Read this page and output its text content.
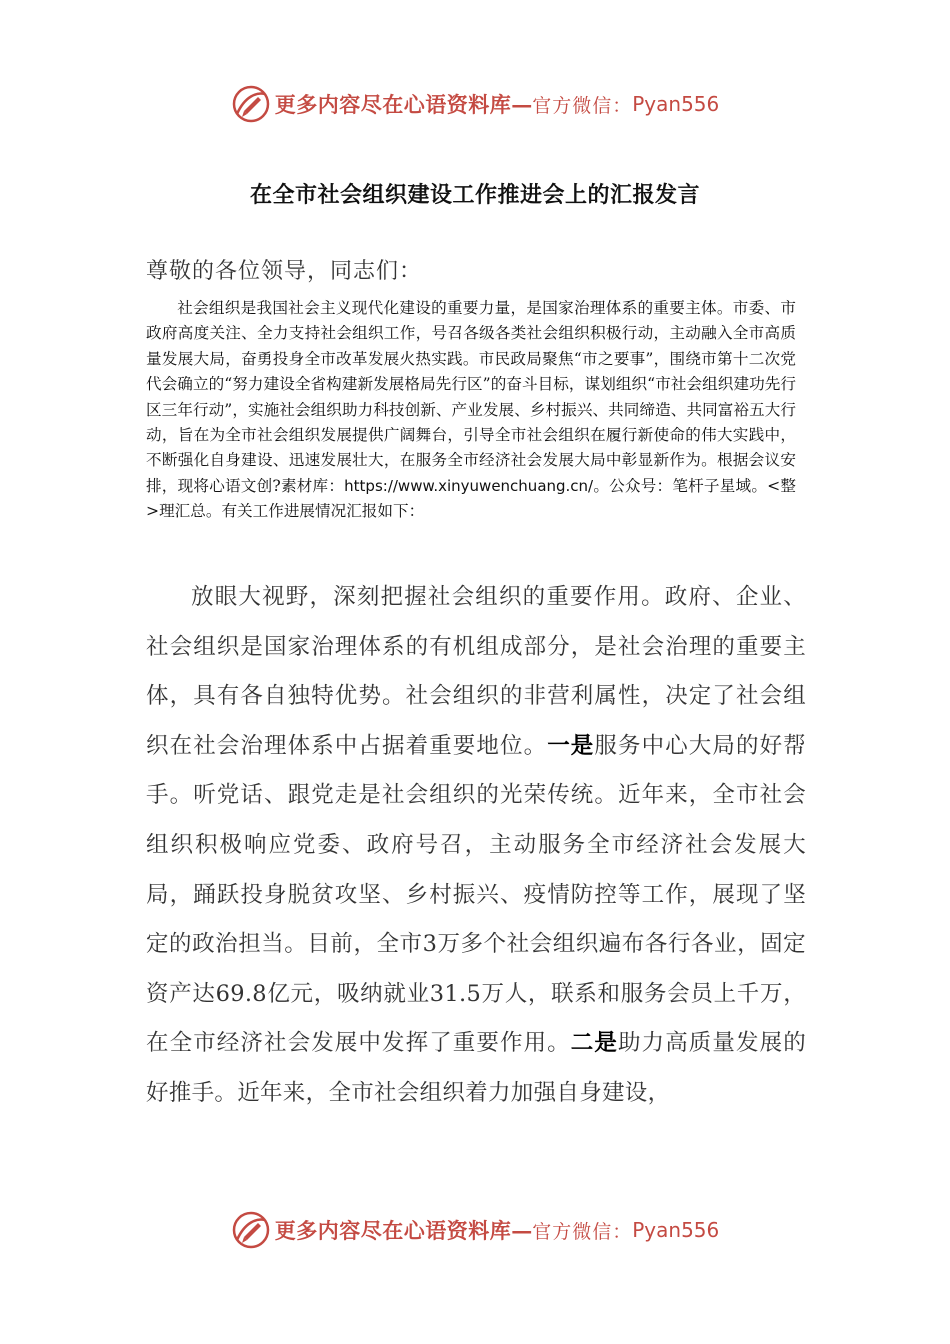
更多内容尽在心语资料库 — 官方微信： Pyan556
在全市社会组织建设工作推进会上的汇报发言
尊敬的各位领导，同志们：

社会组织是我国社会主义现代化建设的重要力量，是国家治理体系的重要主体。市委、市政府高度关注、全力支持社会组织工作，号召各级各类社会组织积极行动，主动融入全市高质量发展大局，奋勇投身全市改革发展火热实践。市民政局聚焦“市之要事”，围绕市第十二次党代会确立的“努力建设全省构建新发展格局先行区”的奋斗目标，谋划组织“市社会组织建功先行区三年行动”，实施社会组织助力科技创新、产业发展、乡村振兴、共同缔造、共同富裕五大行动，旨在为全市社会组织发展提供广阔舞台，引导全市社会组织在履行新使命的伟大实践中，不断强化自身建设、迅速发展壮大，在服务全市经济社会发展大局中彰显新作为。根据会议安排，现将心语文创?素材库：https://www.xinyuwenchuang.cn/。公众号：笔杆子星域。<整>理汇总。有关工作进展情况汇报如下：

放眼大视野，深刻把握社会组织的重要作用。政府、企业、社会组织是国家治理体系的有机组成部分，是社会治理的重要主体，具有各自独特优势。社会组织的非营利属性，决定了社会组织在社会治理体系中占据着重要地位。一是服务中心大局的好帮手。听党话、跟党走是社会组织的光荣传统。近年来，全市社会组织积极响应党委、政府号召，主动服务全市经济社会发展大局，踊跃投身脱贫攻坚、乡村振兴、疫情防控等工作，展现了坚定的政治担当。目前，全市3万多个社会组织遍布各行各业，固定资产达69.8亿元，吸纳就业31.5万人，联系和服务会员上千万，在全市经济社会发展中发挥了重要作用。二是助力高质量发展的好推手。近年来，全市社会组织着力加强自身建设，

更多内容尽在心语资料库 — 官方微信： Pyan556
